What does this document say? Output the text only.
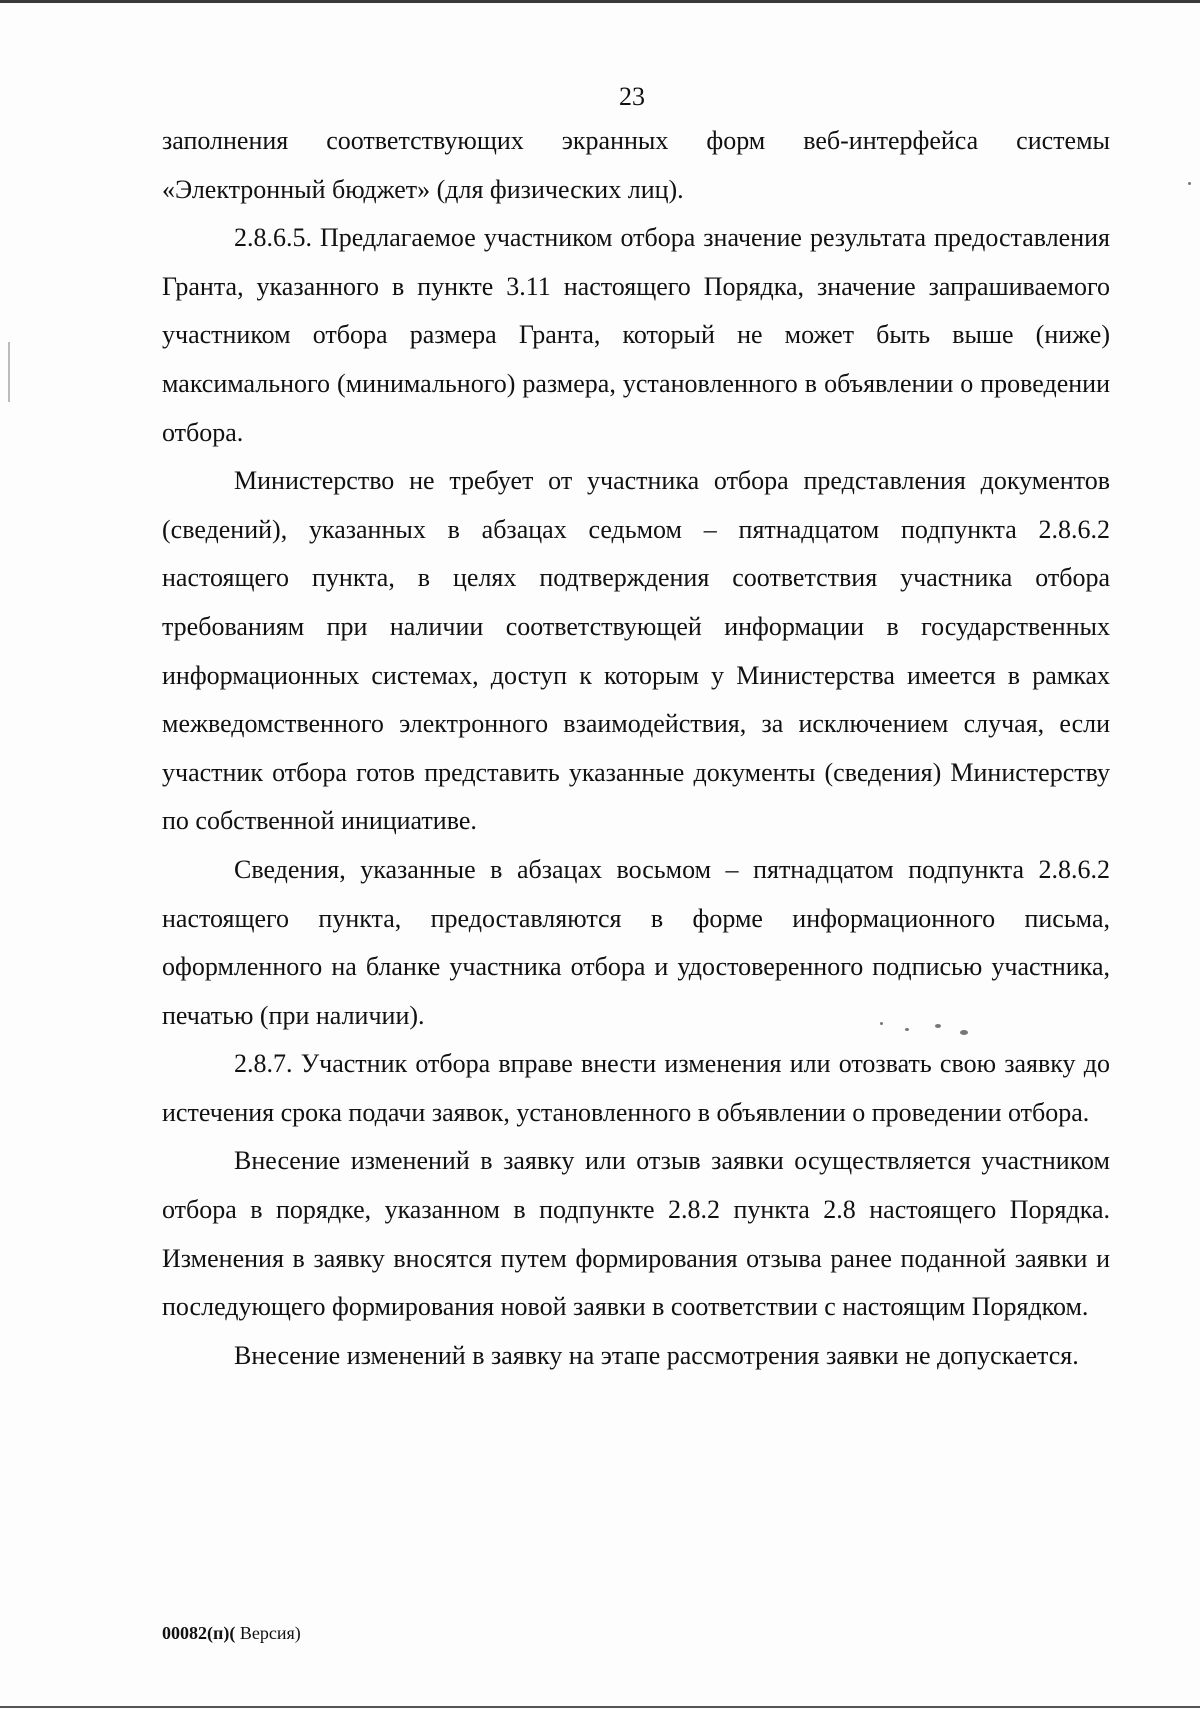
23

заполнения соответствующих экранных форм веб-интерфейса системы «Электронный бюджет» (для физических лиц).

2.8.6.5. Предлагаемое участником отбора значение результата предоставления Гранта, указанного в пункте 3.11 настоящего Порядка, значение запрашиваемого участником отбора размера Гранта, который не может быть выше (ниже) максимального (минимального) размера, установленного в объявлении о проведении отбора.

Министерство не требует от участника отбора представления документов (сведений), указанных в абзацах седьмом – пятнадцатом подпункта 2.8.6.2 настоящего пункта, в целях подтверждения соответствия участника отбора требованиям при наличии соответствующей информации в государственных информационных системах, доступ к которым у Министерства имеется в рамках межведомственного электронного взаимодействия, за исключением случая, если участник отбора готов представить указанные документы (сведения) Министерству по собственной инициативе.

Сведения, указанные в абзацах восьмом – пятнадцатом подпункта 2.8.6.2 настоящего пункта, предоставляются в форме информационного письма, оформленного на бланке участника отбора и удостоверенного подписью участника, печатью (при наличии).

2.8.7. Участник отбора вправе внести изменения или отозвать свою заявку до истечения срока подачи заявок, установленного в объявлении о проведении отбора.

Внесение изменений в заявку или отзыв заявки осуществляется участником отбора в порядке, указанном в подпункте 2.8.2 пункта 2.8 настоящего Порядка. Изменения в заявку вносятся путем формирования отзыва ранее поданной заявки и последующего формирования новой заявки в соответствии с настоящим Порядком.

Внесение изменений в заявку на этапе рассмотрения заявки не допускается.

00082(п)( Версия)
